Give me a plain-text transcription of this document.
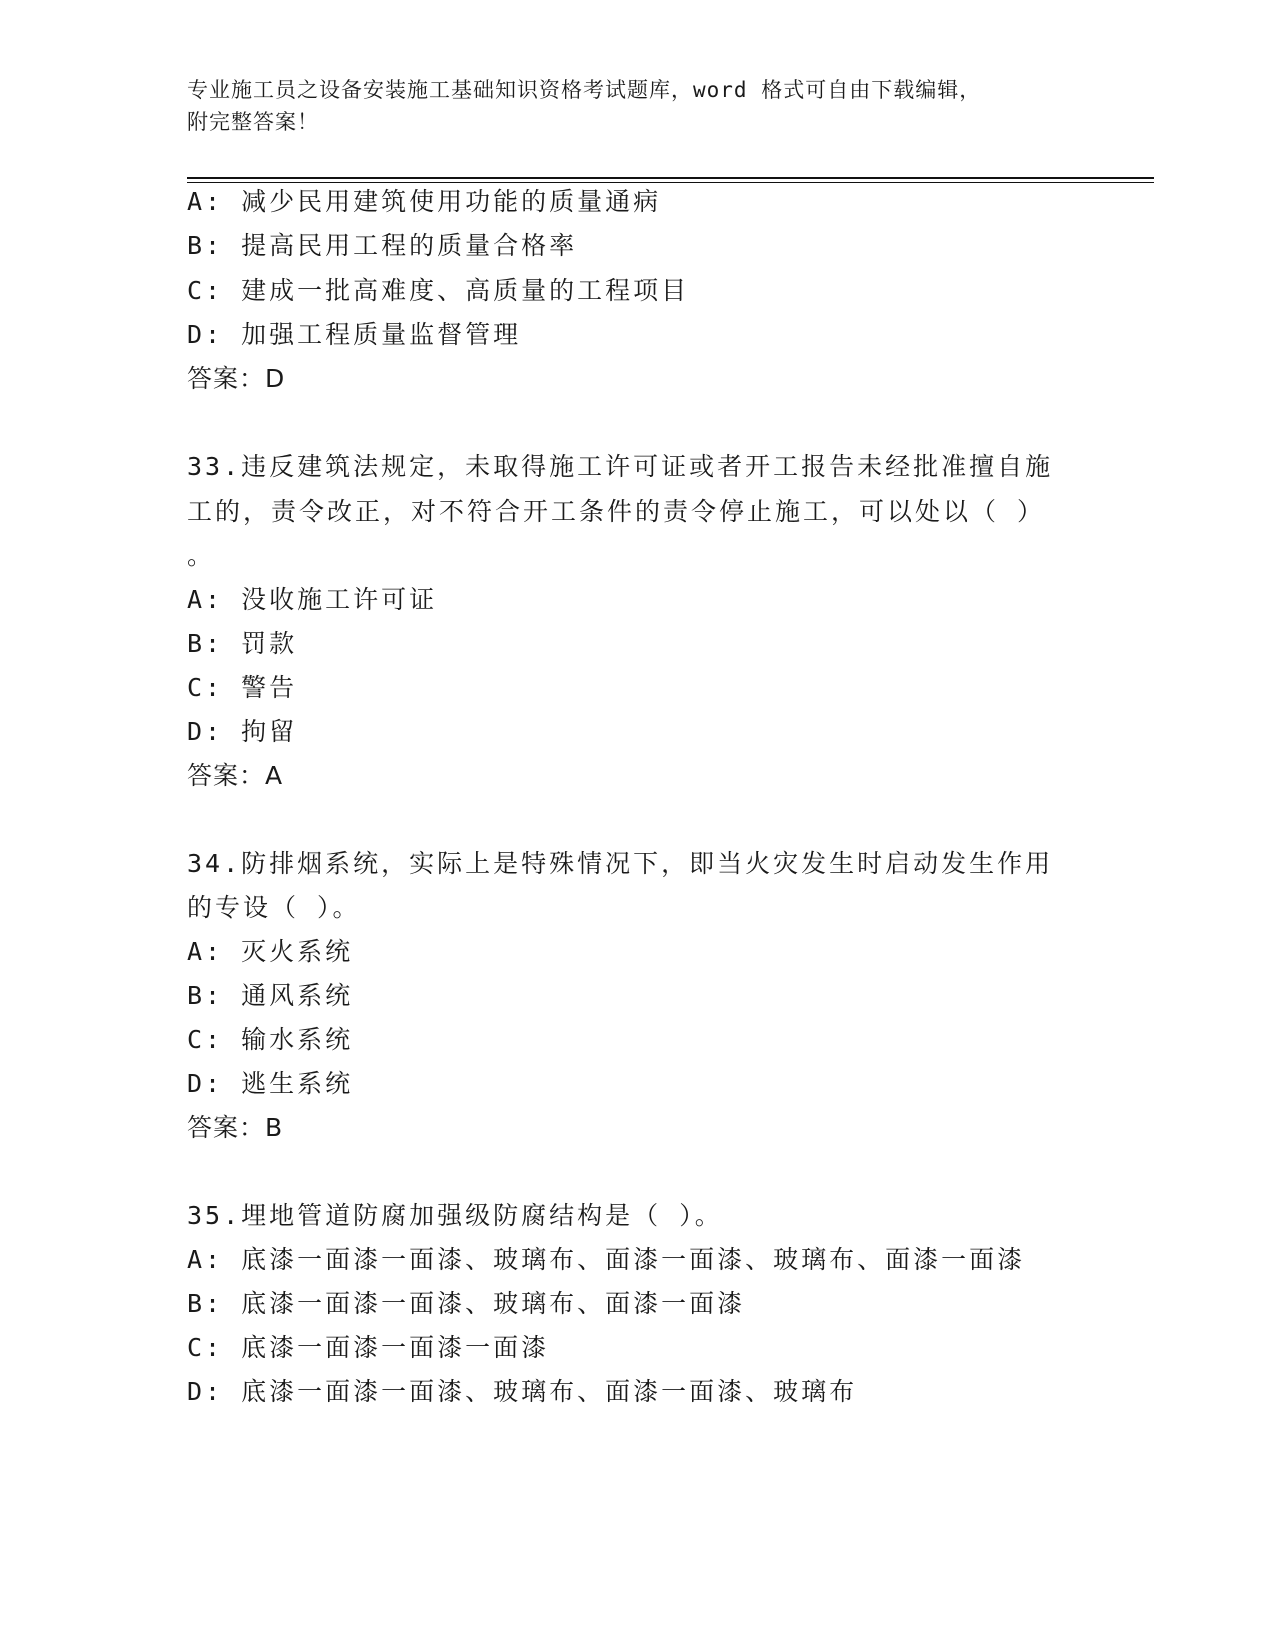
专业施工员之设备安装施工基础知识资格考试题库，word 格式可自由下载编辑，
附完整答案！
A: 减少民用建筑使用功能的质量通病
B: 提高民用工程的质量合格率
C: 建成一批高难度、高质量的工程项目
D: 加强工程质量监督管理
答案：D
33.违反建筑法规定，未取得施工许可证或者开工报告未经批准擅自施
工的，责令改正，对不符合开工条件的责令停止施工，可以处以（ ）
。
A: 没收施工许可证
B: 罚款
C: 警告
D: 拘留
答案：A
34.防排烟系统，实际上是特殊情况下，即当火灾发生时启动发生作用
的专设（ ）。
A: 灭火系统
B: 通风系统
C: 输水系统
D: 逃生系统
答案：B
35.埋地管道防腐加强级防腐结构是（ ）。
A: 底漆一面漆一面漆、玻璃布、面漆一面漆、玻璃布、面漆一面漆
B: 底漆一面漆一面漆、玻璃布、面漆一面漆
C: 底漆一面漆一面漆一面漆
D: 底漆一面漆一面漆、玻璃布、面漆一面漆、玻璃布
